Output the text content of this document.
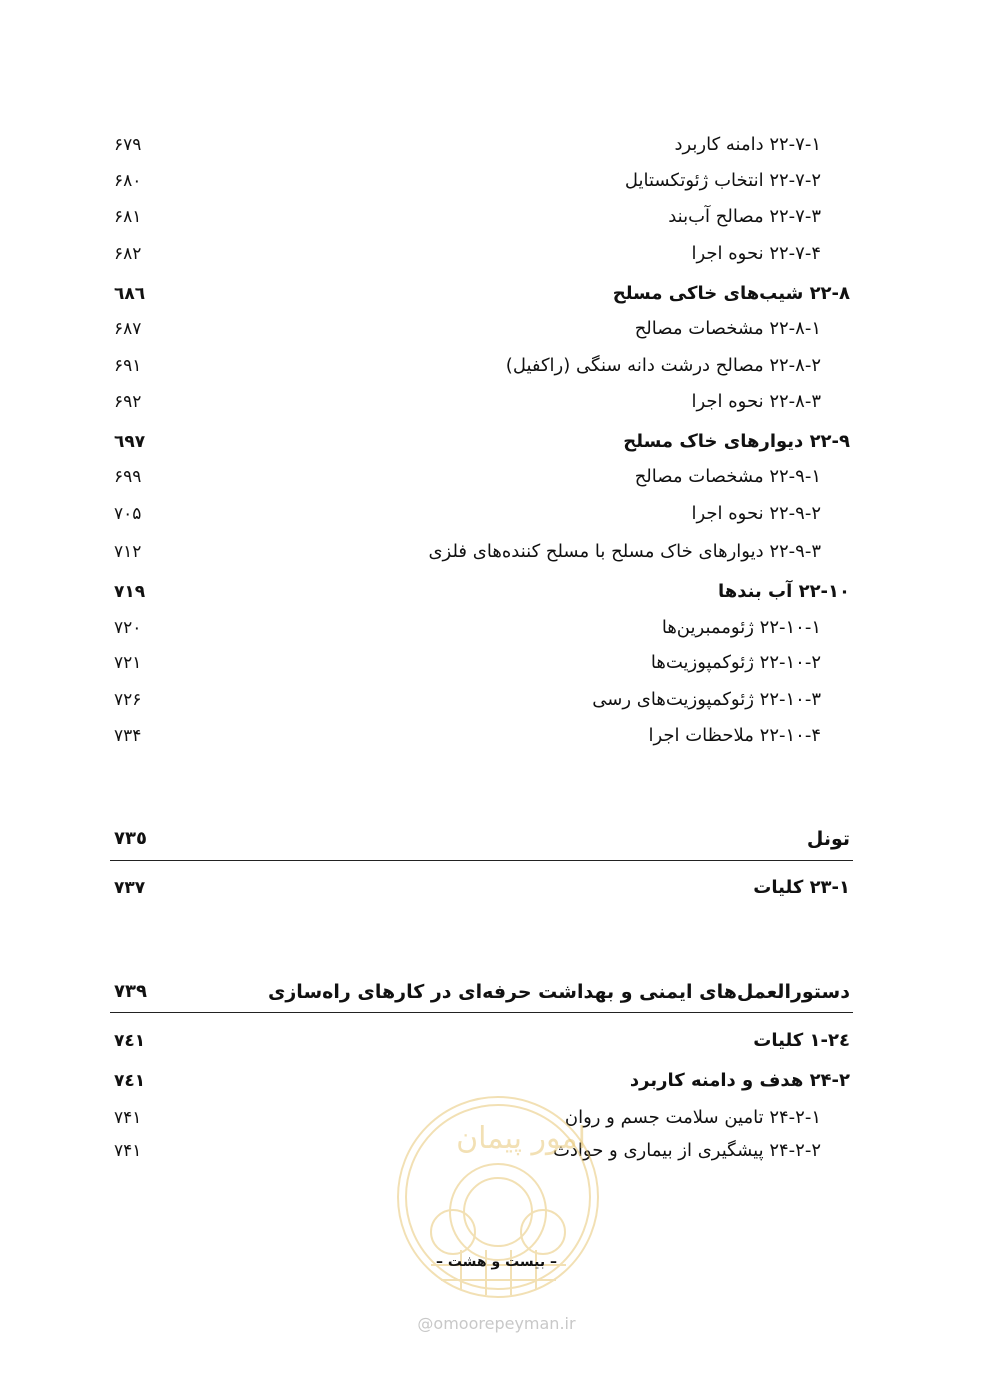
۲۲-۷-۱ دامنه کاربرد
۶۷۹
۲۲-۷-۲ انتخاب ژئوتکستایل
۶۸۰
۲۲-۷-۳ مصالح آب‌بند
۶۸۱
۲۲-۷-۴ نحوه اجرا
۶۸۲
۲۲-۸ شیب‌های خاکی مسلح
٦٨٦
۲۲-۸-۱ مشخصات مصالح
۶۸۷
۲۲-۸-۲ مصالح درشت دانه سنگی (راکفیل)
۶۹۱
۲۲-۸-۳ نحوه اجرا
۶۹۲
۲۲-۹ دیوارهای خاک مسلح
٦٩٧
۲۲-۹-۱ مشخصات مصالح
۶۹۹
۲۲-۹-۲ نحوه اجرا
۷۰۵
۲۲-۹-۳ دیوارهای خاک مسلح با مسلح کننده‌های فلزی
۷۱۲
۲۲-۱۰ آب بندها
٧١٩
۲۲-۱۰-۱ ژئوممبرین‌ها
۷۲۰
۲۲-۱۰-۲ ژئوکمپوزیت‌ها
۷۲۱
۲۲-۱۰-۳ ژئوکمپوزیت‌های رسی
۷۲۶
۲۲-۱۰-۴ ملاحظات اجرا
۷۳۴
تونل
٧٣٥
۲۳-۱ کلیات
٧٣٧
دستورالعمل‌های ایمنی و بهداشت حرفه‌ای در کارهای راه‌سازی
٧٣٩
٢٤-١ کلیات
٧٤١
۲۴-۲ هدف و دامنه کاربرد
٧٤١
۲۴-۲-۱ تامین سلامت جسم و روان
۷۴۱
۲۴-۲-۲ پیشگیری از بیماری و حوادث
۷۴۱	امور پیمان
– بیست و هشت –
@omoorepeyman.ir
